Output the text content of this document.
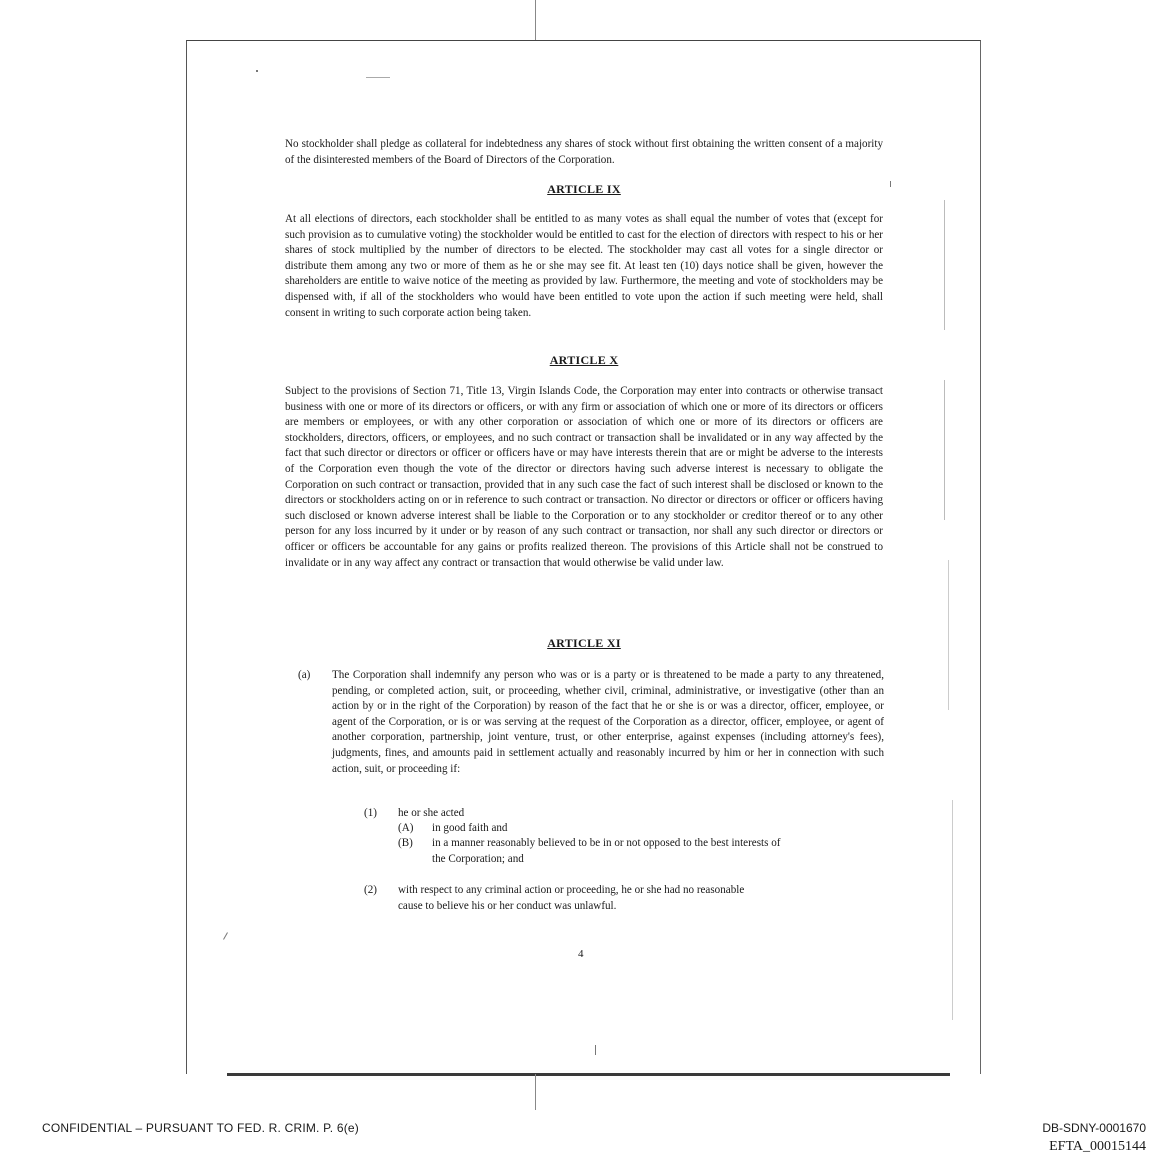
No stockholder shall pledge as collateral for indebtedness any shares of stock without first obtaining the written consent of a majority of the disinterested members of the Board of Directors of the Corporation.

ARTICLE IX

At all elections of directors, each stockholder shall be entitled to as many votes as shall equal the number of votes that (except for such provision as to cumulative voting) the stockholder would be entitled to cast for the election of directors with respect to his or her shares of stock multiplied by the number of directors to be elected. The stockholder may cast all votes for a single director or distribute them among any two or more of them as he or she may see fit. At least ten (10) days notice shall be given, however the shareholders are entitle to waive notice of the meeting as provided by law. Furthermore, the meeting and vote of stockholders may be dispensed with, if all of the stockholders who would have been entitled to vote upon the action if such meeting were held, shall consent in writing to such corporate action being taken.

ARTICLE X

Subject to the provisions of Section 71, Title 13, Virgin Islands Code, the Corporation may enter into contracts or otherwise transact business with one or more of its directors or officers, or with any firm or association of which one or more of its directors or officers are members or employees, or with any other corporation or association of which one or more of its directors or officers are stockholders, directors, officers, or employees, and no such contract or transaction shall be invalidated or in any way affected by the fact that such director or directors or officer or officers have or may have interests therein that are or might be adverse to the interests of the Corporation even though the vote of the director or directors having such adverse interest is necessary to obligate the Corporation on such contract or transaction, provided that in any such case the fact of such interest shall be disclosed or known to the directors or stockholders acting on or in reference to such contract or transaction. No director or directors or officer or officers having such disclosed or known adverse interest shall be liable to the Corporation or to any stockholder or creditor thereof or to any other person for any loss incurred by it under or by reason of any such contract or transaction, nor shall any such director or directors or officer or officers be accountable for any gains or profits realized thereon. The provisions of this Article shall not be construed to invalidate or in any way affect any contract or transaction that would otherwise be valid under law.

ARTICLE XI

(a) The Corporation shall indemnify any person who was or is a party or is threatened to be made a party to any threatened, pending, or completed action, suit, or proceeding, whether civil, criminal, administrative, or investigative (other than an action by or in the right of the Corporation) by reason of the fact that he or she is or was a director, officer, employee, or agent of the Corporation, or is or was serving at the request of the Corporation as a director, officer, employee, or agent of another corporation, partnership, joint venture, trust, or other enterprise, against expenses (including attorney's fees), judgments, fines, and amounts paid in settlement actually and reasonably incurred by him or her in connection with such action, suit, or proceeding if:

(1) he or she acted

(A) in good faith and

(B) in a manner reasonably believed to be in or not opposed to the best interests of the Corporation; and

(2) with respect to any criminal action or proceeding, he or she had no reasonable cause to believe his or her conduct was unlawful.

4
CONFIDENTIAL – PURSUANT TO FED. R. CRIM. P. 6(e)	DB-SDNY-0001670
EFTA_00015144
